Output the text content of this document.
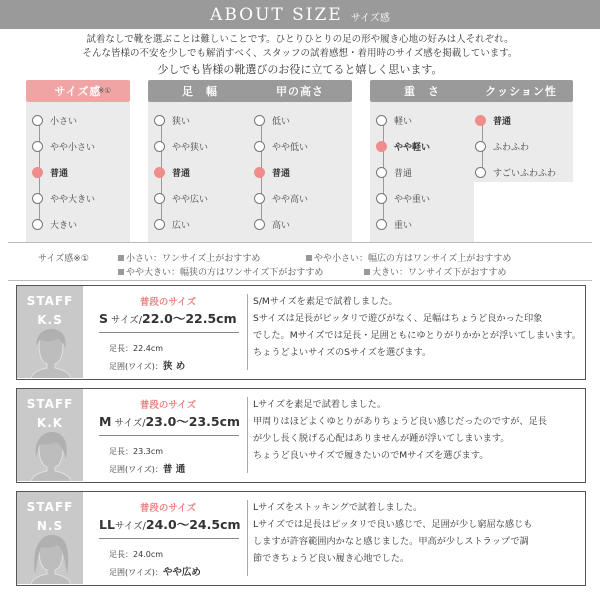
ABOUT SIZE サイズ感
試着なしで靴を選ぶことは難しいことです。ひとりひとりの足の形や履き心地の好みは人それぞれ。
そんな皆様の不安を少しでも解消すべく、スタッフの試着感想・着用時のサイズ感を掲載しています。
少しでも皆様の靴選びのお役に立てると嬉しく思います。
サイズ感
※①
小さい
やや小さい
普通
やや大きい
大きい
足　幅
狭い
やや狭い
普通
やや広い
広い
甲の高さ
低い
やや低い
普通
やや高い
高い
重　さ
軽い
やや軽い
普通
やや重い
重い
クッション性
普通
ふわふわ
すごいふわふわ
サイズ感※①	小さい：ワンサイズ上がおすすめ	やや小さい：幅広の方はワンサイズ上がおすすめ
やや大きい：幅狭の方はワンサイズ下がおすすめ	大きい：ワンサイズ下がおすすめ
STAFF
K.S
普段のサイズ
S サイズ/22.0〜22.5cm
足長：22.4cm
足囲(ワイズ)：狭 め

S/Mサイズを素足で試着しました。

Sサイズは足長がピッタリで遊びがなく、足幅はちょうど良かった印象

でした。Mサイズでは足長・足囲ともにゆとりがりかかとが浮いてしまいます。

ちょうどよいサイズのSサイズを選びます。

STAFF
K.K
普段のサイズ
M サイズ/23.0〜23.5cm
足長：23.3cm
足囲(ワイズ)：普 通

Lサイズを素足で試着しました。

甲周りはほどよくゆとりがありちょうど良い感じだったのですが、足長

が少し長く脱げる心配はありませんが踵が浮いてしまいます。

ちょうど良いサイズで履きたいのでMサイズを選びます。

STAFF
N.S
普段のサイズ
LLサイズ/24.0〜24.5cm
足長：24.0cm
足囲(ワイズ)：やや広め

Lサイズをストッキングで試着しました。

Lサイズでは足長はピッタリで良い感じで、足囲が少し窮屈な感じも

しますが許容範囲内かなと感じました。甲高が少しストラップで調

節できちょうど良い履き心地でした。
